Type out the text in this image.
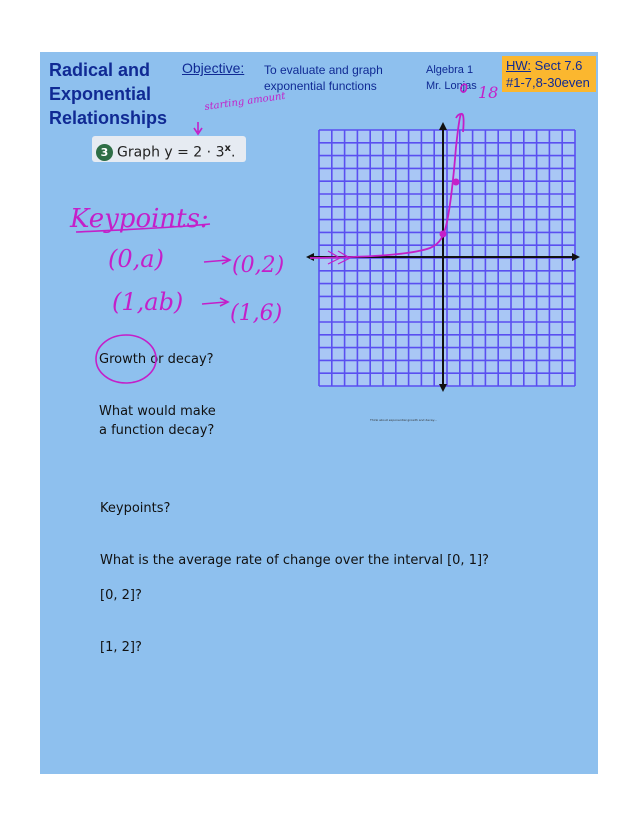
Radical and
Exponential
Relationships
Objective: To evaluate and graph exponential functions
Algebra 1
Mr. Lonjas
HW: Sect 7.6
#1-7,8-30even
3 Graph $y = 2 \cdot 3^x$.
Growth or decay?
What would make
a function decay?
Think about exponential growth and decay...
Keypoints?
What is the average rate of change over the interval [0, 1]?
[0, 2]?
[1, 2]?
starting amount
Keypoints:
(0,a)	(0,2)
(1,ab) (1,6)
18
